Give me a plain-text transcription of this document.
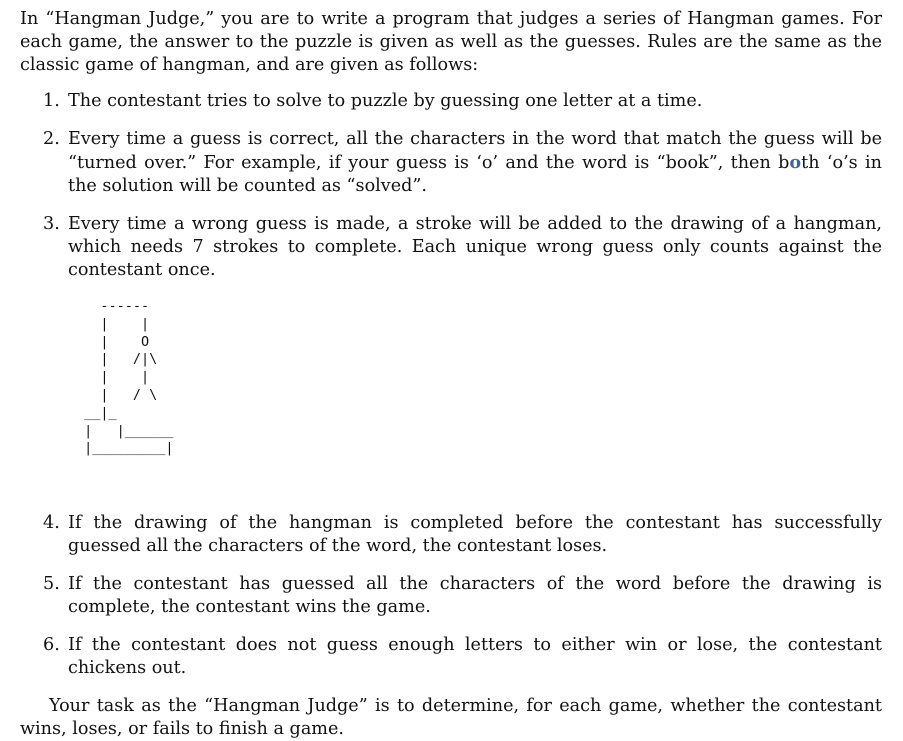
In “Hangman Judge,” you are to write a program that judges a series of Hangman games. For each game, the answer to the puzzle is given as well as the guesses. Rules are the same as the classic game of hangman, and are given as follows:

1. The contestant tries to solve to puzzle by guessing one letter at a time.
2. Every time a guess is correct, all the characters in the word that match the guess will be “turned over.” For example, if your guess is ‘o’ and the word is “book”, then both ‘o’s in the solution will be counted as “solved”.
3. Every time a wrong guess is made, a stroke will be added to the drawing of a hangman, which needs 7 strokes to complete. Each unique wrong guess only counts against the contestant once.
------
|    |
|    O
|   /|\
|    |
|   / \
__|_
|   |______
|_________|
4. If the drawing of the hangman is completed before the contestant has successfully guessed all the characters of the word, the contestant loses.
5. If the contestant has guessed all the characters of the word before the drawing is complete, the contestant wins the game.
6. If the contestant does not guess enough letters to either win or lose, the contestant chickens out.

Your task as the “Hangman Judge” is to determine, for each game, whether the contestant wins, loses, or fails to finish a game.
